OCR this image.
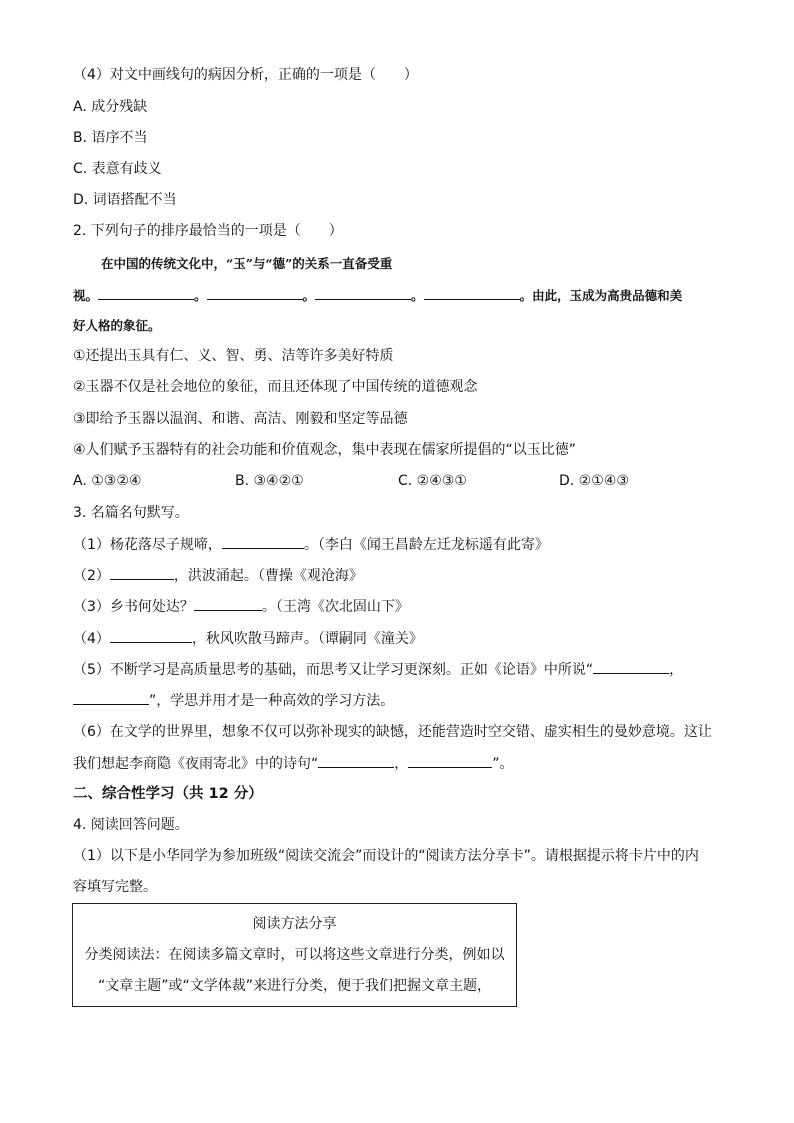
（4）对文中画线句的病因分析，正确的一项是（　　）
A. 成分残缺
B. 语序不当
C. 表意有歧义
D. 词语搭配不当
2. 下列句子的排序最恰当的一项是（　　）
在中国的传统文化中，“玉”与“德”的关系一直备受重
视。	。	。	。	。由此，玉成为高贵品德和美
好人格的象征。
①还提出玉具有仁、义、智、勇、洁等许多美好特质
②玉器不仅是社会地位的象征，而且还体现了中国传统的道德观念
③即给予玉器以温润、和谐、高洁、刚毅和坚定等品德
④人们赋予玉器特有的社会功能和价值观念，集中表现在儒家所提倡的“以玉比德”
A. ①③②④	B. ③④②①	C. ②④③①	D. ②①④③
3. 名篇名句默写。
（1）杨花落尽子规啼，	。（李白《闻王昌龄左迁龙标遥有此寄》
（2）	，洪波涌起。（曹操《观沧海》
（3）乡书何处达？	。（王湾《次北固山下》
（4）	，秋风吹散马蹄声。（谭嗣同《潼关》
（5）不断学习是高质量思考的基础，而思考又让学习更深刻。正如《论语》中所说“	，
”，学思并用才是一种高效的学习方法。
（6）在文学的世界里，想象不仅可以弥补现实的缺憾，还能营造时空交错、虚实相生的曼妙意境。这让
我们想起李商隐《夜雨寄北》中的诗句“	，	”。
二、综合性学习（共 12 分）
4. 阅读回答问题。
（1）以下是小华同学为参加班级“阅读交流会”而设计的“阅读方法分享卡”。请根据提示将卡片中的内
容填写完整。
阅读方法分享
分类阅读法：在阅读多篇文章时，可以将这些文章进行分类，例如以
“文章主题”或“文学体裁”来进行分类，便于我们把握文章主题，
